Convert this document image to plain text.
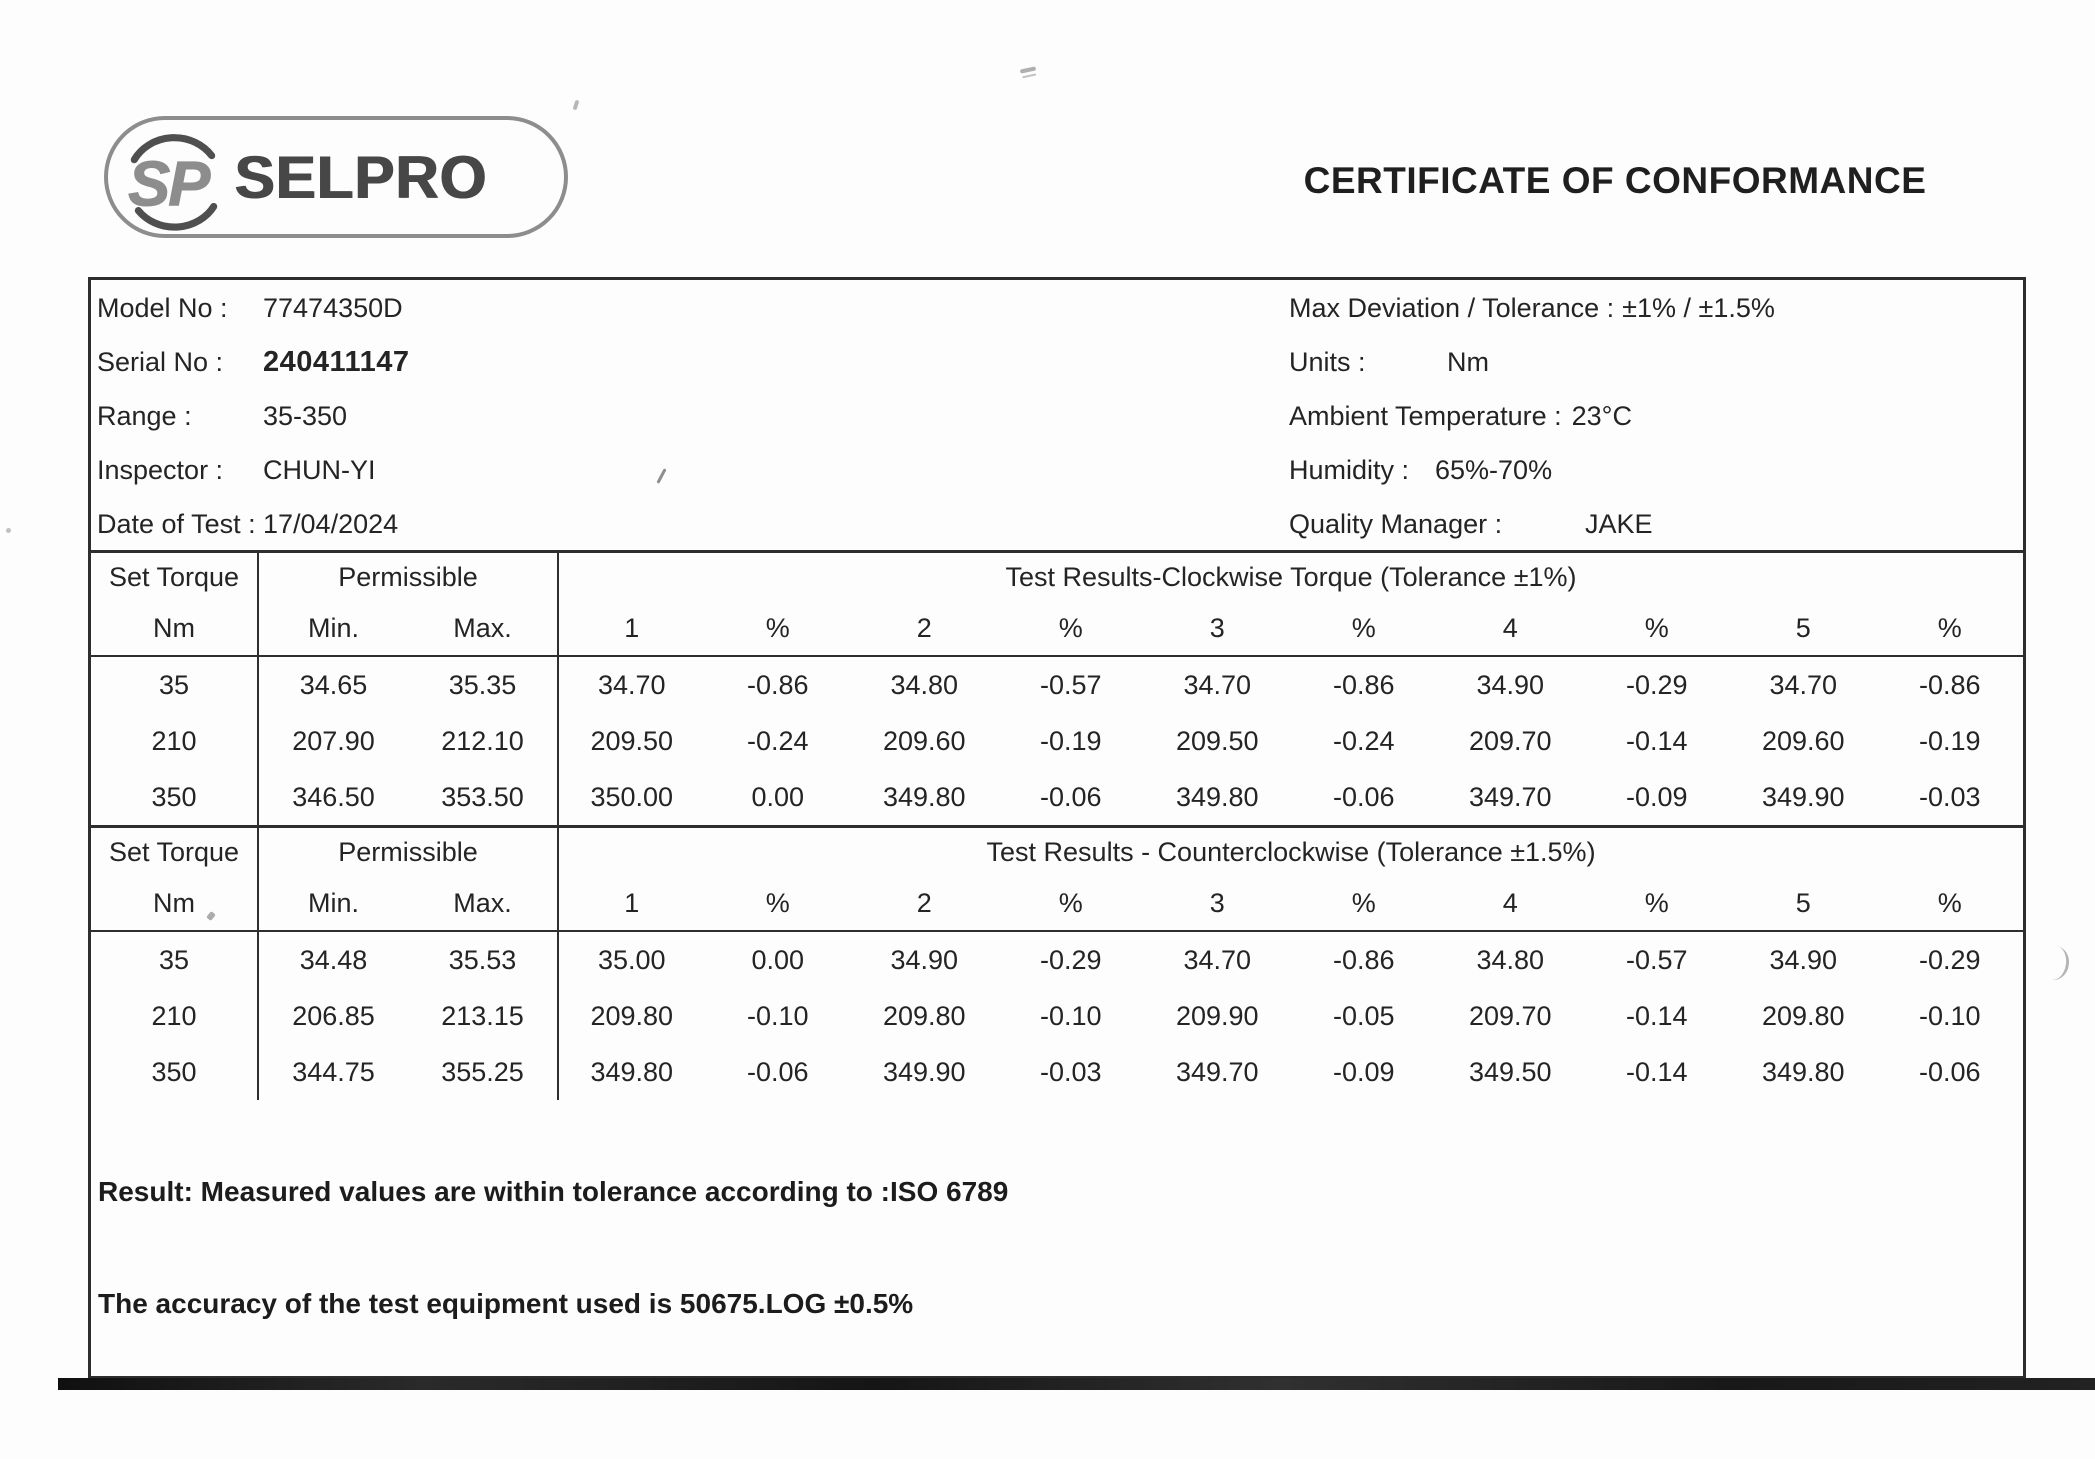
SP SELPRO	CERTIFICATE OF CONFORMANCE
Model No :	77474350D
Serial No :	240411147
Range :	35-350
Inspector :	CHUN-YI
Date of Test : 17/04/2024
Max Deviation / Tolerance : ±1% / ±1.5%
Units :	Nm
Ambient Temperature : 23°C
Humidity : 65%-70%
Quality Manager :	JAKE
Set Torque	Permissible		Test Results-Clockwise Torque (Tolerance ±1%)									
Nm	Min.	Max.	1	%	2	%	3	%	4	%	5	%
35	34.65	35.35	34.70	-0.86	34.80	-0.57	34.70	-0.86	34.90	-0.29	34.70	-0.86
210	207.90	212.10	209.50	-0.24	209.60	-0.19	209.50	-0.24	209.70	-0.14	209.60	-0.19
350	346.50	353.50	350.00	0.00	349.80	-0.06	349.80	-0.06	349.70	-0.09	349.90	-0.03
Set Torque	Permissible		Test Results - Counterclockwise (Tolerance ±1.5%)									
Nm	Min.	Max.	1	%	2	%	3	%	4	%	5	%
35	34.48	35.53	35.00	0.00	34.90	-0.29	34.70	-0.86	34.80	-0.57	34.90	-0.29
210	206.85	213.15	209.80	-0.10	209.80	-0.10	209.90	-0.05	209.70	-0.14	209.80	-0.10
350	344.75	355.25	349.80	-0.06	349.90	-0.03	349.70	-0.09	349.50	-0.14	349.80	-0.06
Result: Measured values are within tolerance according to :ISO 6789
The accuracy of the test equipment used is 50675.LOG ±0.5%
